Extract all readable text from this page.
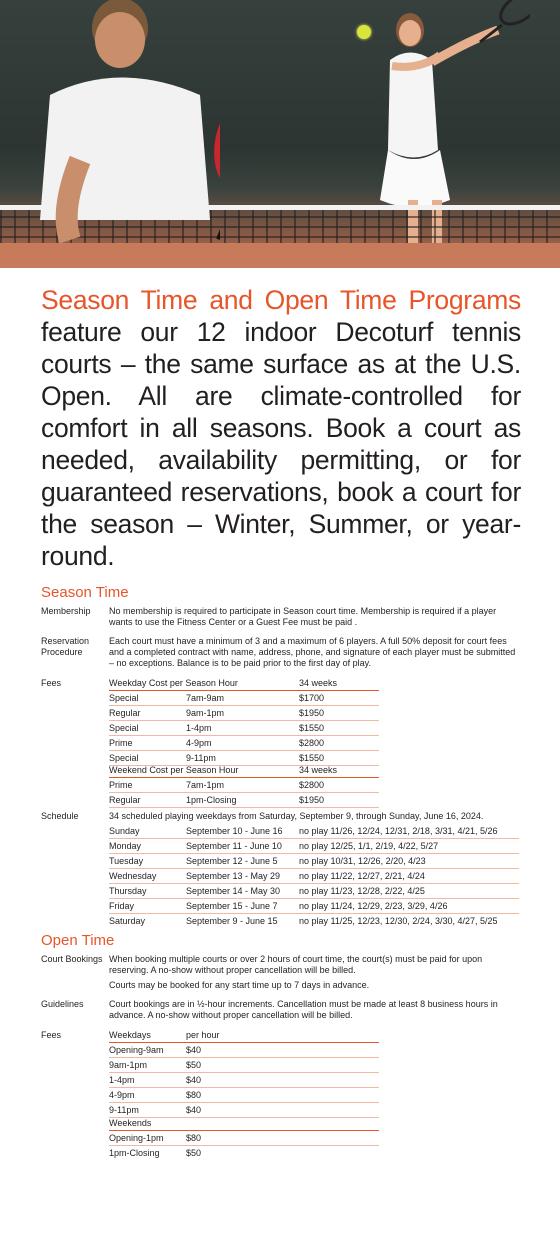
Season Time and Open Time Programs feature our 12 indoor Decoturf tennis courts – the same surface as at the U.S. Open. All are climate-controlled for comfort in all seasons. Book a court as needed, availability permitting, or for guaranteed reservations, book a court for the season – Winter, Summer, or year-round.

Season Time
Membership No membership is required to participate in Season court time. Membership is required if a player wants to use the Fitness Center or a Guest Fee must be paid .
Reservation
Procedure
Each court must have a minimum of 3 and a maximum of 6 players. A full 50% deposit for court fees and a completed contract with name, address, phone, and signature of each player must be submitted – no exceptions. Balance is to be paid prior to the first day of play.
Fees	Weekday Cost per Season Hour		34 weeks
Special	7am-9am	$1700
Regular	9am-1pm	$1950
Special	1-4pm	$1550
Prime	4-9pm	$2800
Special	9-11pm	$1550
Weekend Cost per Season Hour		34 weeks
Prime	7am-1pm	$2800
Regular	1pm-Closing	$1950
Schedule	34 scheduled playing weekdays from Saturday, September 9, through Sunday, June 16, 2024.
Sunday	September 10 - June 16	no play 11/26, 12/24, 12/31, 2/18, 3/31, 4/21, 5/26
Monday	September 11 - June 10	no play 12/25, 1/1, 2/19, 4/22, 5/27
Tuesday	September 12 - June 5	no play 10/31, 12/26, 2/20, 4/23
Wednesday	September 13 - May 29	no play 11/22, 12/27, 2/21, 4/24
Thursday	September 14 - May 30	no play 11/23, 12/28, 2/22, 4/25
Friday	September 15 - June 7	no play 11/24, 12/29, 2/23, 3/29, 4/26
Saturday	September 9 - June 15	no play 11/25, 12/23, 12/30, 2/24, 3/30, 4/27, 5/25
Open Time
Court Bookings When booking multiple courts or over 2 hours of court time, the court(s) must be paid for upon reserving. A no-show without proper cancellation will be billed.
Courts may be booked for any start time up to 7 days in advance.
Guidelines	Court bookings are in ½-hour increments. Cancellation must be made at least 8 business hours in advance. A no-show without proper cancellation will be billed.
Fees	Weekdays	per hour
Opening-9am	$40
9am-1pm	$50
1-4pm	$40
4-9pm	$80
9-11pm	$40
Weekends	
Opening-1pm	$80
1pm-Closing	$50
